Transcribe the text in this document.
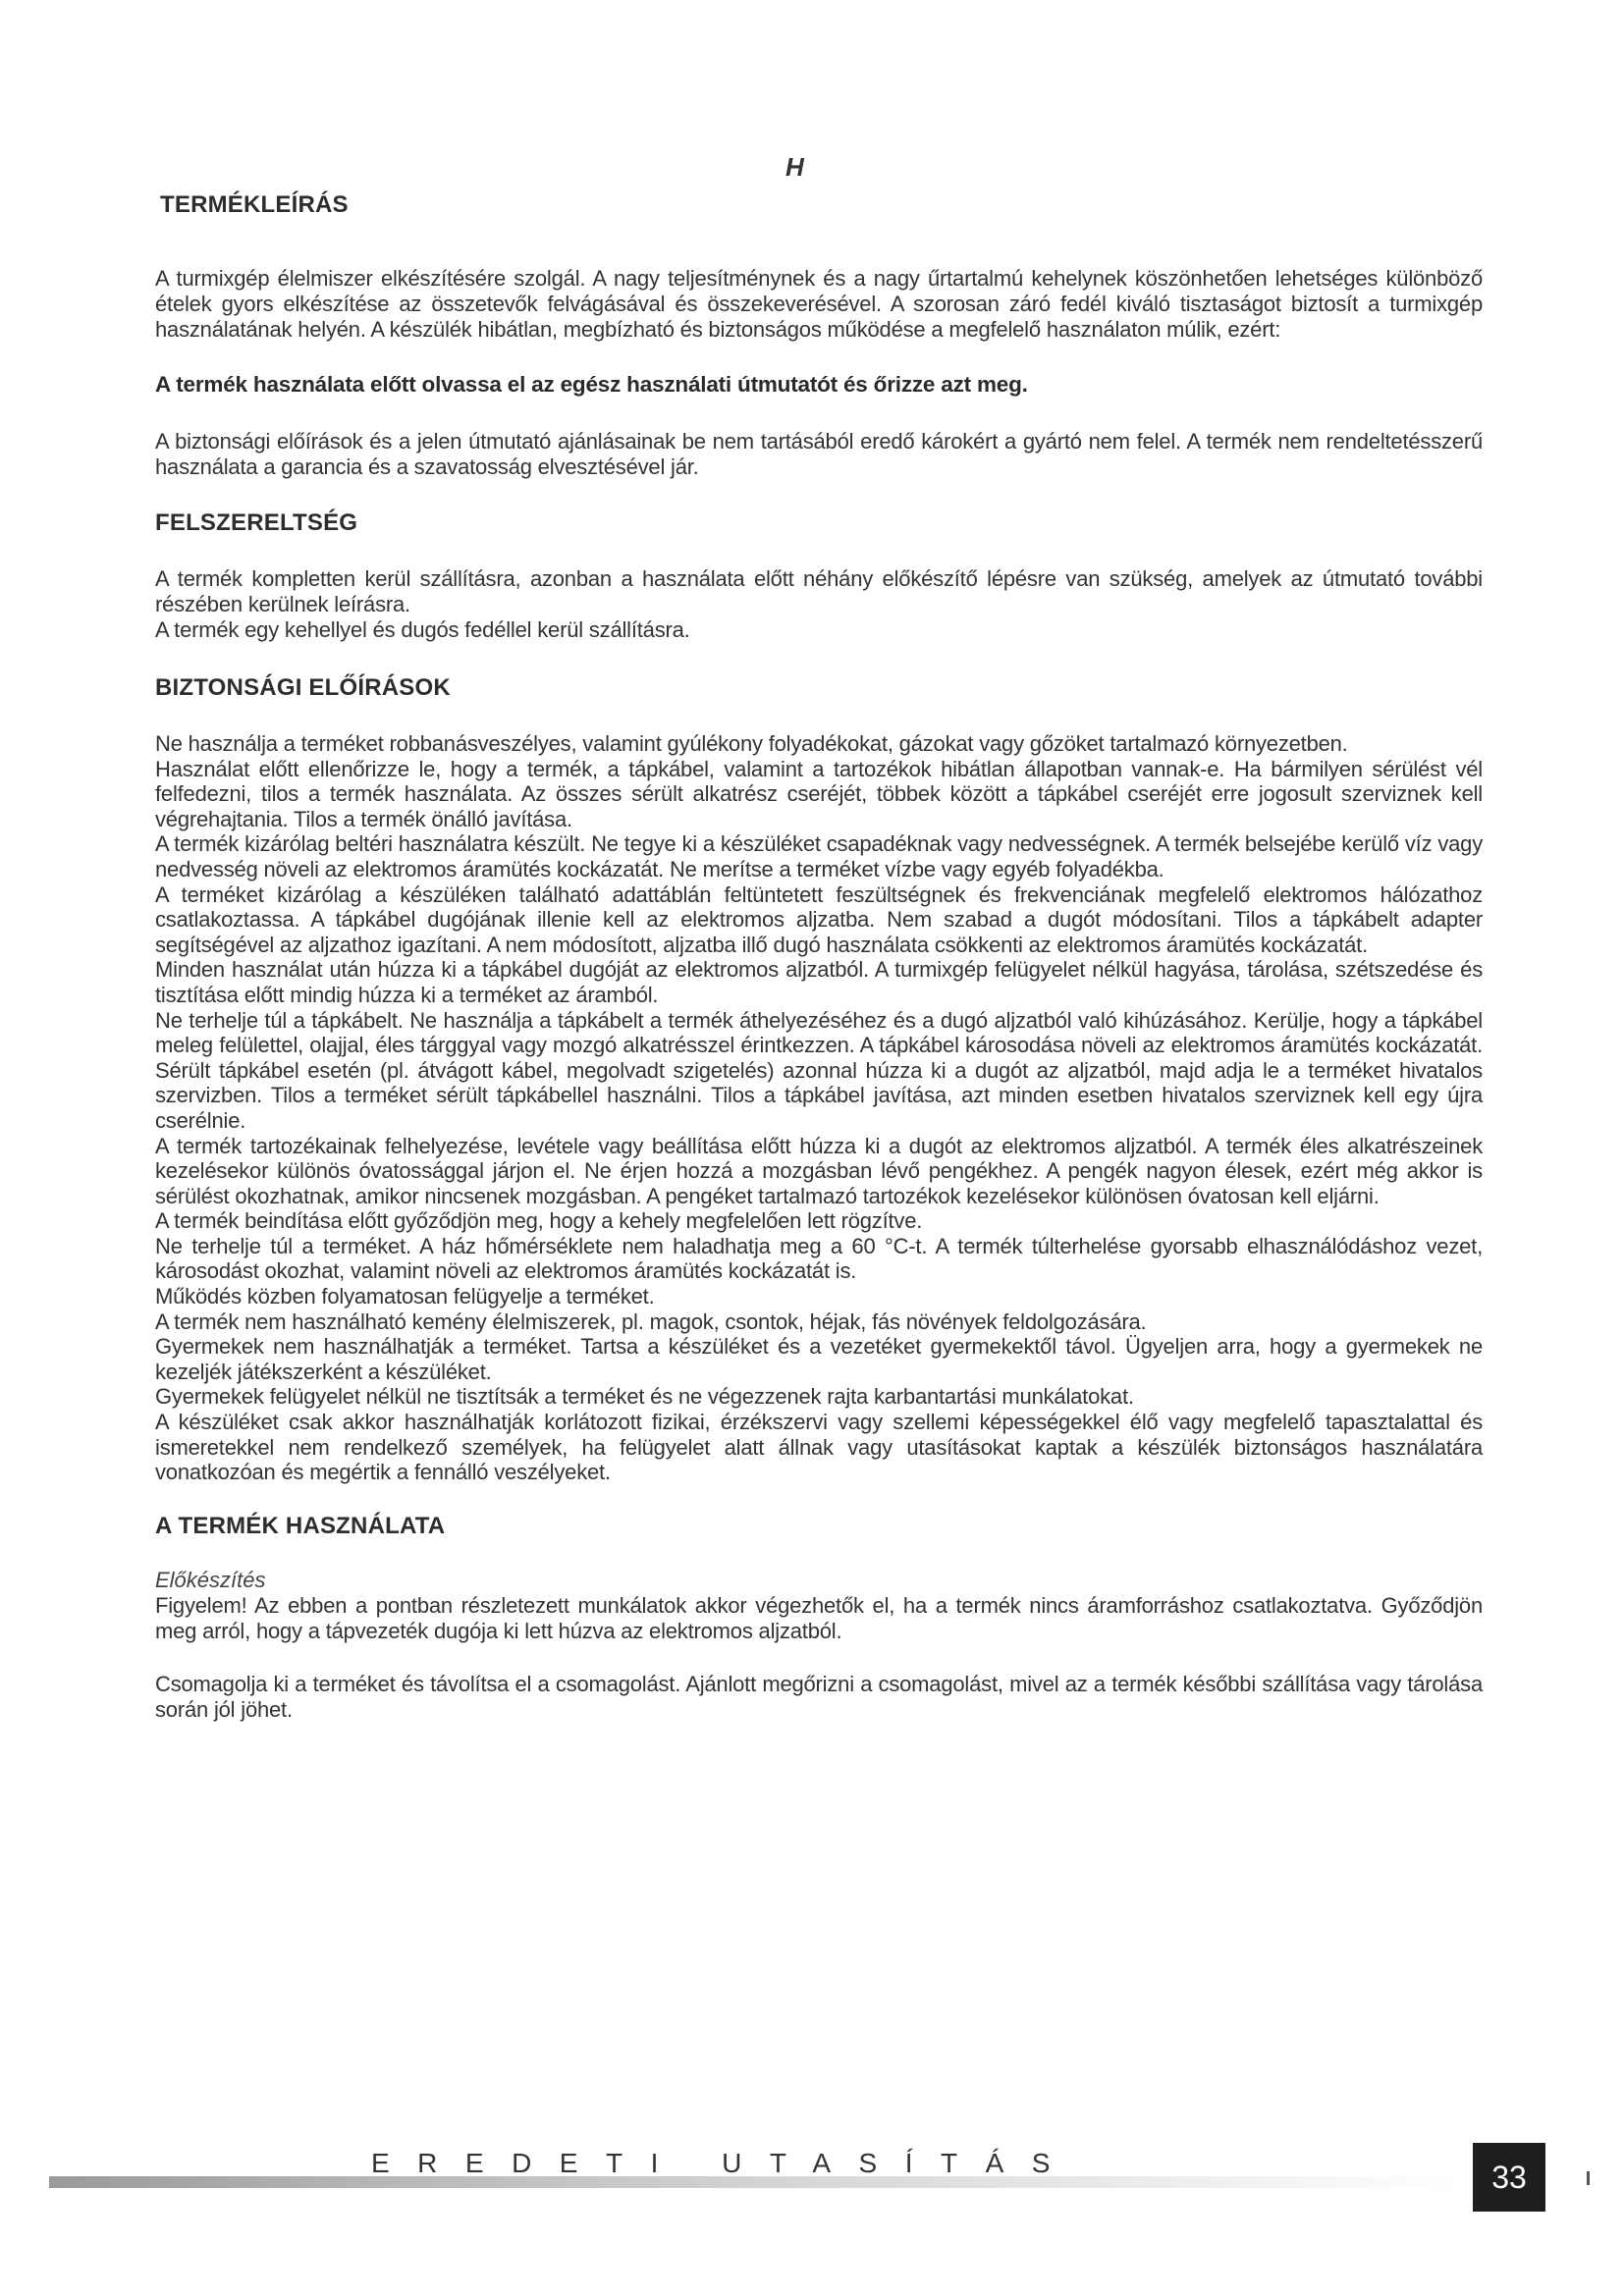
H
TERMÉKLEÍRÁS

A turmixgép élelmiszer elkészítésére szolgál. A nagy teljesítménynek és a nagy űrtartalmú kehelynek köszönhetően lehetséges különböző ételek gyors elkészítése az összetevők felvágásával és összekeverésével. A szorosan záró fedél kiváló tisztaságot biztosít a turmixgép használatának helyén. A készülék hibátlan, megbízható és biztonságos működése a megfelelő használaton múlik, ezért:

A termék használata előtt olvassa el az egész használati útmutatót és őrizze azt meg.

A biztonsági előírások és a jelen útmutató ajánlásainak be nem tartásából eredő károkért a gyártó nem felel. A termék nem rendeltetésszerű használata a garancia és a szavatosság elvesztésével jár.

FELSZERELTSÉG

A termék kompletten kerül szállításra, azonban a használata előtt néhány előkészítő lépésre van szükség, amelyek az útmutató további részében kerülnek leírásra.

A termék egy kehellyel és dugós fedéllel kerül szállításra.

BIZTONSÁGI ELŐÍRÁSOK

Ne használja a terméket robbanásveszélyes, valamint gyúlékony folyadékokat, gázokat vagy gőzöket tartalmazó környezetben.

Használat előtt ellenőrizze le, hogy a termék, a tápkábel, valamint a tartozékok hibátlan állapotban vannak-e. Ha bármilyen sérülést vél felfedezni, tilos a termék használata. Az összes sérült alkatrész cseréjét, többek között a tápkábel cseréjét erre jogosult szerviznek kell végrehajtania. Tilos a termék önálló javítása.

A termék kizárólag beltéri használatra készült. Ne tegye ki a készüléket csapadéknak vagy nedvességnek. A termék belsejébe kerülő víz vagy nedvesség növeli az elektromos áramütés kockázatát. Ne merítse a terméket vízbe vagy egyéb folyadékba.

A terméket kizárólag a készüléken található adattáblán feltüntetett feszültségnek és frekvenciának megfelelő elektromos hálózathoz csatlakoztassa. A tápkábel dugójának illenie kell az elektromos aljzatba. Nem szabad a dugót módosítani. Tilos a tápkábelt adapter segítségével az aljzathoz igazítani. A nem módosított, aljzatba illő dugó használata csökkenti az elektromos áramütés kockázatát.

Minden használat után húzza ki a tápkábel dugóját az elektromos aljzatból. A turmixgép felügyelet nélkül hagyása, tárolása, szétszedése és tisztítása előtt mindig húzza ki a terméket az áramból.

Ne terhelje túl a tápkábelt. Ne használja a tápkábelt a termék áthelyezéséhez és a dugó aljzatból való kihúzásához. Kerülje, hogy a tápkábel meleg felülettel, olajjal, éles tárggyal vagy mozgó alkatrésszel érintkezzen. A tápkábel károsodása növeli az elektromos áramütés kockázatát. Sérült tápkábel esetén (pl. átvágott kábel, megolvadt szigetelés) azonnal húzza ki a dugót az aljzatból, majd adja le a terméket hivatalos szervizben. Tilos a terméket sérült tápkábellel használni. Tilos a tápkábel javítása, azt minden esetben hivatalos szerviznek kell egy újra cserélnie.

A termék tartozékainak felhelyezése, levétele vagy beállítása előtt húzza ki a dugót az elektromos aljzatból. A termék éles alkatrészeinek kezelésekor különös óvatossággal járjon el. Ne érjen hozzá a mozgásban lévő pengékhez. A pengék nagyon élesek, ezért még akkor is sérülést okozhatnak, amikor nincsenek mozgásban. A pengéket tartalmazó tartozékok kezelésekor különösen óvatosan kell eljárni.

A termék beindítása előtt győződjön meg, hogy a kehely megfelelően lett rögzítve.

Ne terhelje túl a terméket. A ház hőmérséklete nem haladhatja meg a 60 °C-t. A termék túlterhelése gyorsabb elhasználódáshoz vezet, károsodást okozhat, valamint növeli az elektromos áramütés kockázatát is.

Működés közben folyamatosan felügyelje a terméket.

A termék nem használható kemény élelmiszerek, pl. magok, csontok, héjak, fás növények feldolgozására.

Gyermekek nem használhatják a terméket. Tartsa a készüléket és a vezetéket gyermekektől távol. Ügyeljen arra, hogy a gyermekek ne kezeljék játékszerként a készüléket.

Gyermekek felügyelet nélkül ne tisztítsák a terméket és ne végezzenek rajta karbantartási munkálatokat.

A készüléket csak akkor használhatják korlátozott fizikai, érzékszervi vagy szellemi képességekkel élő vagy megfelelő tapasztalattal és ismeretekkel nem rendelkező személyek, ha felügyelet alatt állnak vagy utasításokat kaptak a készülék biztonságos használatára vonatkozóan és megértik a fennálló veszélyeket.

A TERMÉK HASZNÁLATA

Előkészítés

Figyelem! Az ebben a pontban részletezett munkálatok akkor végezhetők el, ha a termék nincs áramforráshoz csatlakoztatva. Győződjön meg arról, hogy a tápvezeték dugója ki lett húzva az elektromos aljzatból.

Csomagolja ki a terméket és távolítsa el a csomagolást. Ajánlott megőrizni a csomagolást, mivel az a termék későbbi szállítása vagy tárolása során jól jöhet.

EREDETI UTASÍTÁS	33
